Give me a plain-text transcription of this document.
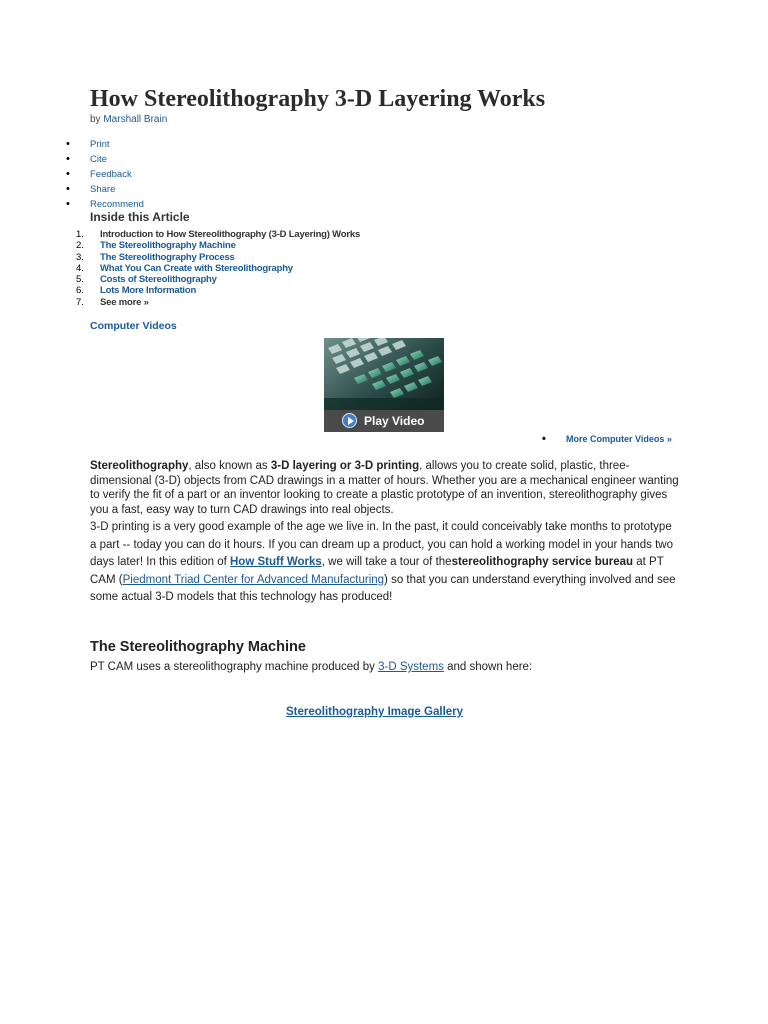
How Stereolithography 3-D Layering Works
by Marshall Brain
• Print
• Cite
• Feedback
• Share
• Recommend
Inside this Article
1. Introduction to How Stereolithography (3-D Layering) Works
2. The Stereolithography Machine
3. The Stereolithography Process
4. What You Can Create with Stereolithography
5. Costs of Stereolithography
6. Lots More Information
7. See more »
Computer Videos
Play Video
• More Computer Videos »

Stereolithography, also known as 3-D layering or 3-D printing, allows you to create solid, plastic, three-dimensional (3-D) objects from CAD drawings in a matter of hours. Whether you are a mechanical engineer wanting to verify the fit of a part or an inventor looking to create a plastic prototype of an invention, stereolithography gives you a fast, easy way to turn CAD drawings into real objects.

3-D printing is a very good example of the age we live in. In the past, it could conceivably take months to prototype a part -- today you can do it hours. If you can dream up a product, you can hold a working model in your hands two days later! In this edition of How Stuff Works, we will take a tour of thestereolithography service bureau at PT CAM (Piedmont Triad Center for Advanced Manufacturing) so that you can understand everything involved and see some actual 3-D models that this technology has produced!

The Stereolithography Machine

PT CAM uses a stereolithography machine produced by 3-D Systems and shown here:

Stereolithography Image Gallery
